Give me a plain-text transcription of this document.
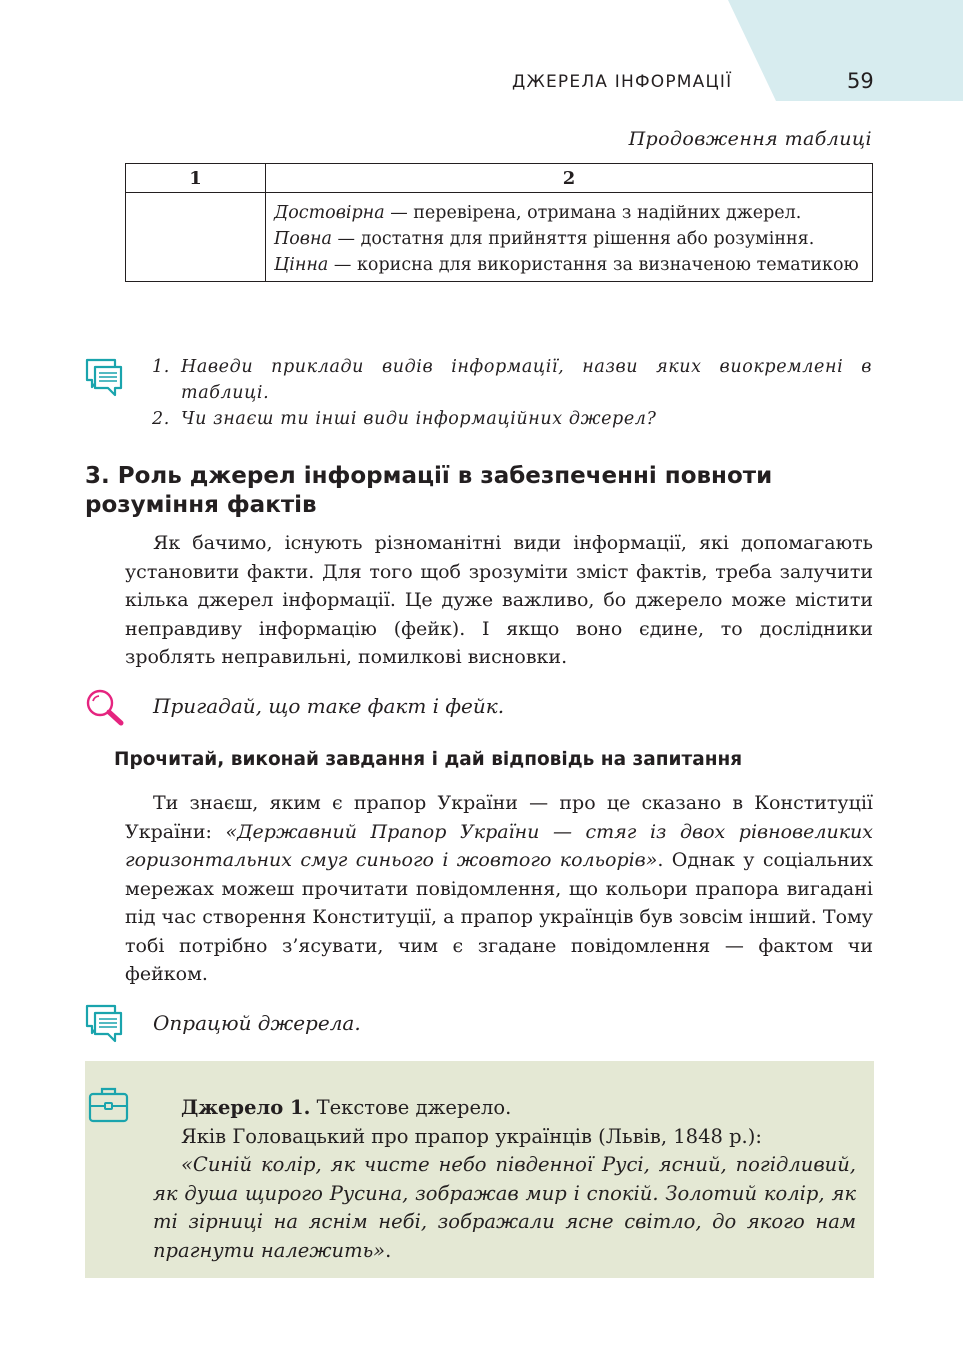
ДЖЕРЕЛА ІНФОРМАЦІЇ	59
Продовження таблиці
1	2

	Достовірна — перевірена, отримана з надійних джерел.

Повна — достатня для прийняття рішення або розуміння.

Цінна — корисна для використання за визначеною тематикою

1. Наведи приклади видів інформації, назви яких виокремлені в таблиці.
2. Чи знаєш ти інші види інформаційних джерел?
3. Роль джерел інформації в забезпеченні повноти розуміння фактів

Як бачимо, існують різноманітні види інформації, які допомагають установити факти. Для того щоб зрозуміти зміст фактів, треба залучити кілька джерел інформації. Це дуже важливо, бо джерело може містити неправдиву інформацію (фейк). І якщо воно єдине, то дослідники зроблять неправильні, помилкові висновки.

Пригадай, що таке факт і фейк.

Прочитай, виконай завдання і дай відповідь на запитання

Ти знаєш, яким є прапор України — про це сказано в Конституції України: «Державний Прапор України — стяг із двох рівновеликих горизонтальних смуг синього і жовтого кольорів». Однак у соціальних мережах можеш прочитати повідомлення, що кольори прапора вигадані під час створення Конституції, а прапор українців був зовсім інший. Тому тобі потрібно з’ясувати, чим є згадане повідомлення — фактом чи фейком.

Опрацюй джерела.

Джерело 1. Текстове джерело.
Яків Головацький про прапор українців (Львів, 1848 р.):
«Синій колір, як чисте небо південної Русі, ясний, погідливий, як душа щирого Русина, зображав мир і спокій. Золотий колір, як ті зірниці на яснім небі, зображали ясне світло, до якого нам прагнути належить».
